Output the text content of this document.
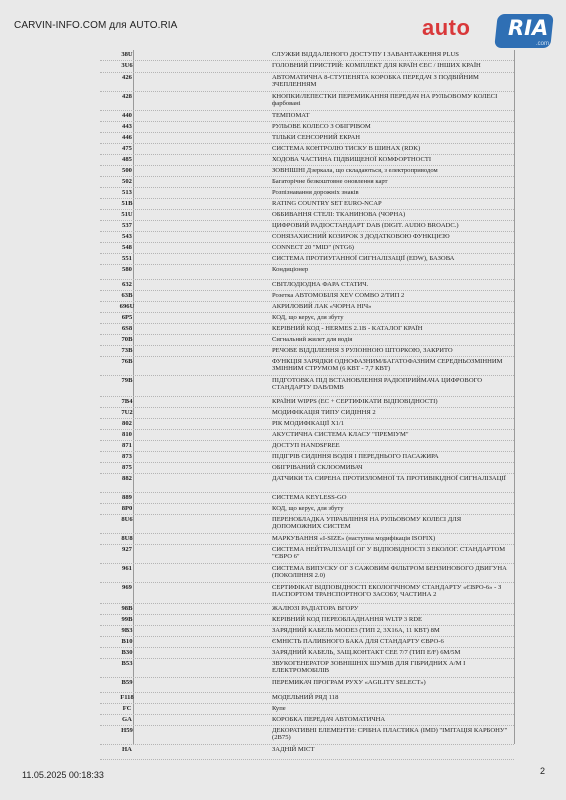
CARVIN-INFO.COM для AUTO.RIA	auto RIA
.com
38U	СЛУЖБИ ВІДДАЛЕНОГО ДОСТУПУ І ЗАВАНТАЖЕННЯ PLUS
3U6	ГОЛОВНИЙ ПРИСТРІЙ: КОМПЛЕКТ ДЛЯ КРАЇН ЄЕС / ІНШИХ КРАЇН
426	АВТОМАТИЧНА 8-СТУПЕНЯТА КОРОБКА ПЕРЕДАЧ З ПОДВІЙНИМ ЗЧЕПЛЕННЯМ
428	КНОПКИ/ЛЕПЕСТКИ ПЕРЕМИКАННЯ ПЕРЕДАЧ НА РУЛЬОВОМУ КОЛЕСІ фарбовані
440	ТЕМПОМАТ
443	РУЛЬОВЕ КОЛЕСО З ОБІГРІВОМ
446	ТІЛЬКИ СЕНСОРНИЙ ЕКРАН
475	СИСТЕМА КОНТРОЛЮ ТИСКУ В ШИНАХ (RDK)
485	ХОДОВА ЧАСТИНА ПІДВИЩЕНОЇ КОМФОРТНОСТІ
500	ЗОВНІШНІ Дзеркала, що складаються, з електроприводом
502	Багаторічне безкоштовне оновлення карт
513	Розпізнавання дорожніх знаків
51B	RATING COUNTRY SET EURO-NCAP
51U	ОББИВАННЯ СТЕЛІ: ТКАНИНОВА (ЧОРНА)
537	ЦИФРОВИЙ РАДІОСТАНДАРТ DAB (DIGIT. AUDIO BROADC.)
543	СОНЯЗАХИСНИЙ КОЗИРОК З ДОДАТКОВОЮ ФУНКЦІЄЮ
548	CONNECT 20 "MID" (NTG6)
551	СИСТЕМА ПРОТИУГАННОЇ СИГНАЛІЗАЦІЇ (EDW), БАЗОВА
580	Кондиціонер
632	СВІТЛОДІОДНА ФАРА СТАТИЧ.
63B	Розетка АВТОМОБІЛЯ XEV COMBO 2/ТИП 2
696U	АКРИЛОВИЙ ЛАК «ЧОРНА НІЧ»
6P5	КОД, що керує, для збуту
6S8	КЕРІВНИЙ КОД - HERMES 2.1B - КАТАЛОГ КРАЇН
70B	Сигнальний жилет для водія
73B	РЕЧОВЕ ВІДДІЛЕННЯ З РУЛОННОЮ ШТОРКОЮ, ЗАКРИТО
76B	ФУНКЦІЯ ЗАРЯДКИ ОДНОФАЗНИМ/БАГАТОФАЗНИМ СЕРЕДНЬОЗМІННИМ ЗМІННИМ СТРУМОМ (6 КВТ - 7,7 КВТ)
79B	ПІДГОТОВКА ПІД ВСТАНОВЛЕННЯ РАДІОПРИЙМАЧА ЦИФРОВОГО СТАНДАРТУ DAB/DMB
7B4	КРАЇНИ WIPPS (ЕС + СЕРТИФІКАТИ ВІДПОВІДНОСТІ)
7U2	МОДИФІКАЦІЯ ТИПУ СИДІННЯ 2
802	РІК МОДИФІКАЦІЇ X1/1
810	АКУСТИЧНА СИСТЕМА КЛАСУ "ПРЕМІУМ"
871	ДОСТУП HANDSFREE
873	ПІДІГРІВ СИДІННЯ ВОДІЯ І ПЕРЕДНЬОГО ПАСАЖИРА
875	ОБІГРІВАНИЙ СКЛООМИВАЧ
882	ДАТЧИКИ ТА СИРЕНА ПРОТИЗЛОМНОЇ ТА ПРОТИВІКІДНОЇ СИГНАЛІЗАЦІЇ
889	СИСТЕМА KEYLESS-GO
8P0	КОД, що керує, для збуту
8U6	ПЕРЕНОБЛАДКА УПРАВЛІННЯ НА РУЛЬОВОМУ КОЛЕСІ ДЛЯ ДОПОМОЖНИХ СИСТЕМ
8U8	МАРКУВАННЯ «I-SIZE» (наступна модифікація ISOFIX)
927	СИСТЕМА НЕЙТРАЛІЗАЦІЇ ОГ У ВІДПОВІДНОСТІ З ЕКОЛОГ. СТАНДАРТОМ "ЄВРО 6"
961	СИСТЕМА ВИПУСКУ ОГ З САЖОВИМ ФІЛЬТРОМ БЕНЗИНОВОГО ДВИГУНА (ПОКОЛІННЯ 2.0)
969	СЕРТИФІКАТ ВІДПОВІДНОСТІ ЕКОЛОГІЧНОМУ СТАНДАРТУ «ЄВРО-6» - З ПАСПОРТОМ ТРАНСПОРТНОГО ЗАСОБУ, ЧАСТИНА 2
98B	ЖАЛЮЗІ РАДІАТОРА ВГОРУ
99B	КЕРІВНИЙ КОД ПЕРЕОБЛАДНАННЯ WLTP 3 RDE
9B3	ЗАРЯДНИЙ КАБЕЛЬ MODE3 (ТИП 2, 3X16A, 11 КВТ) 8M
B10	ЄМНІСТЬ ПАЛИВНОГО БАКА ДЛЯ СТАНДАРТУ ЄВРО-6
B30	ЗАРЯДНИЙ КАБЕЛЬ, ЗАЩ.КОНТАКТ СЕЕ 7/7 (ТИП E/F) 6M/5M
B53	ЗВУКОГЕНЕРАТОР ЗОВНІШНІХ ШУМІВ ДЛЯ ГІБРИДНИХ А/М І ЕЛЕКТРОМОБІЛІВ
B59	ПЕРЕМИКАЧ ПРОГРАМ РУХУ «AGILITY SELECT»)
F118	МОДЕЛЬНИЙ РЯД 118
FC	Купе
GA	КОРОБКА ПЕРЕДАЧ АВТОМАТИЧНА
H59	ДЕКОРАТИВНІ ЕЛЕМЕНТИ: СРІБНА ПЛАСТИКА (IMD) "ІМІТАЦІЯ КАРБОНУ" (2B75)
HA	ЗАДНІЙ МІСТ
11.05.2025 00:18:33	2
